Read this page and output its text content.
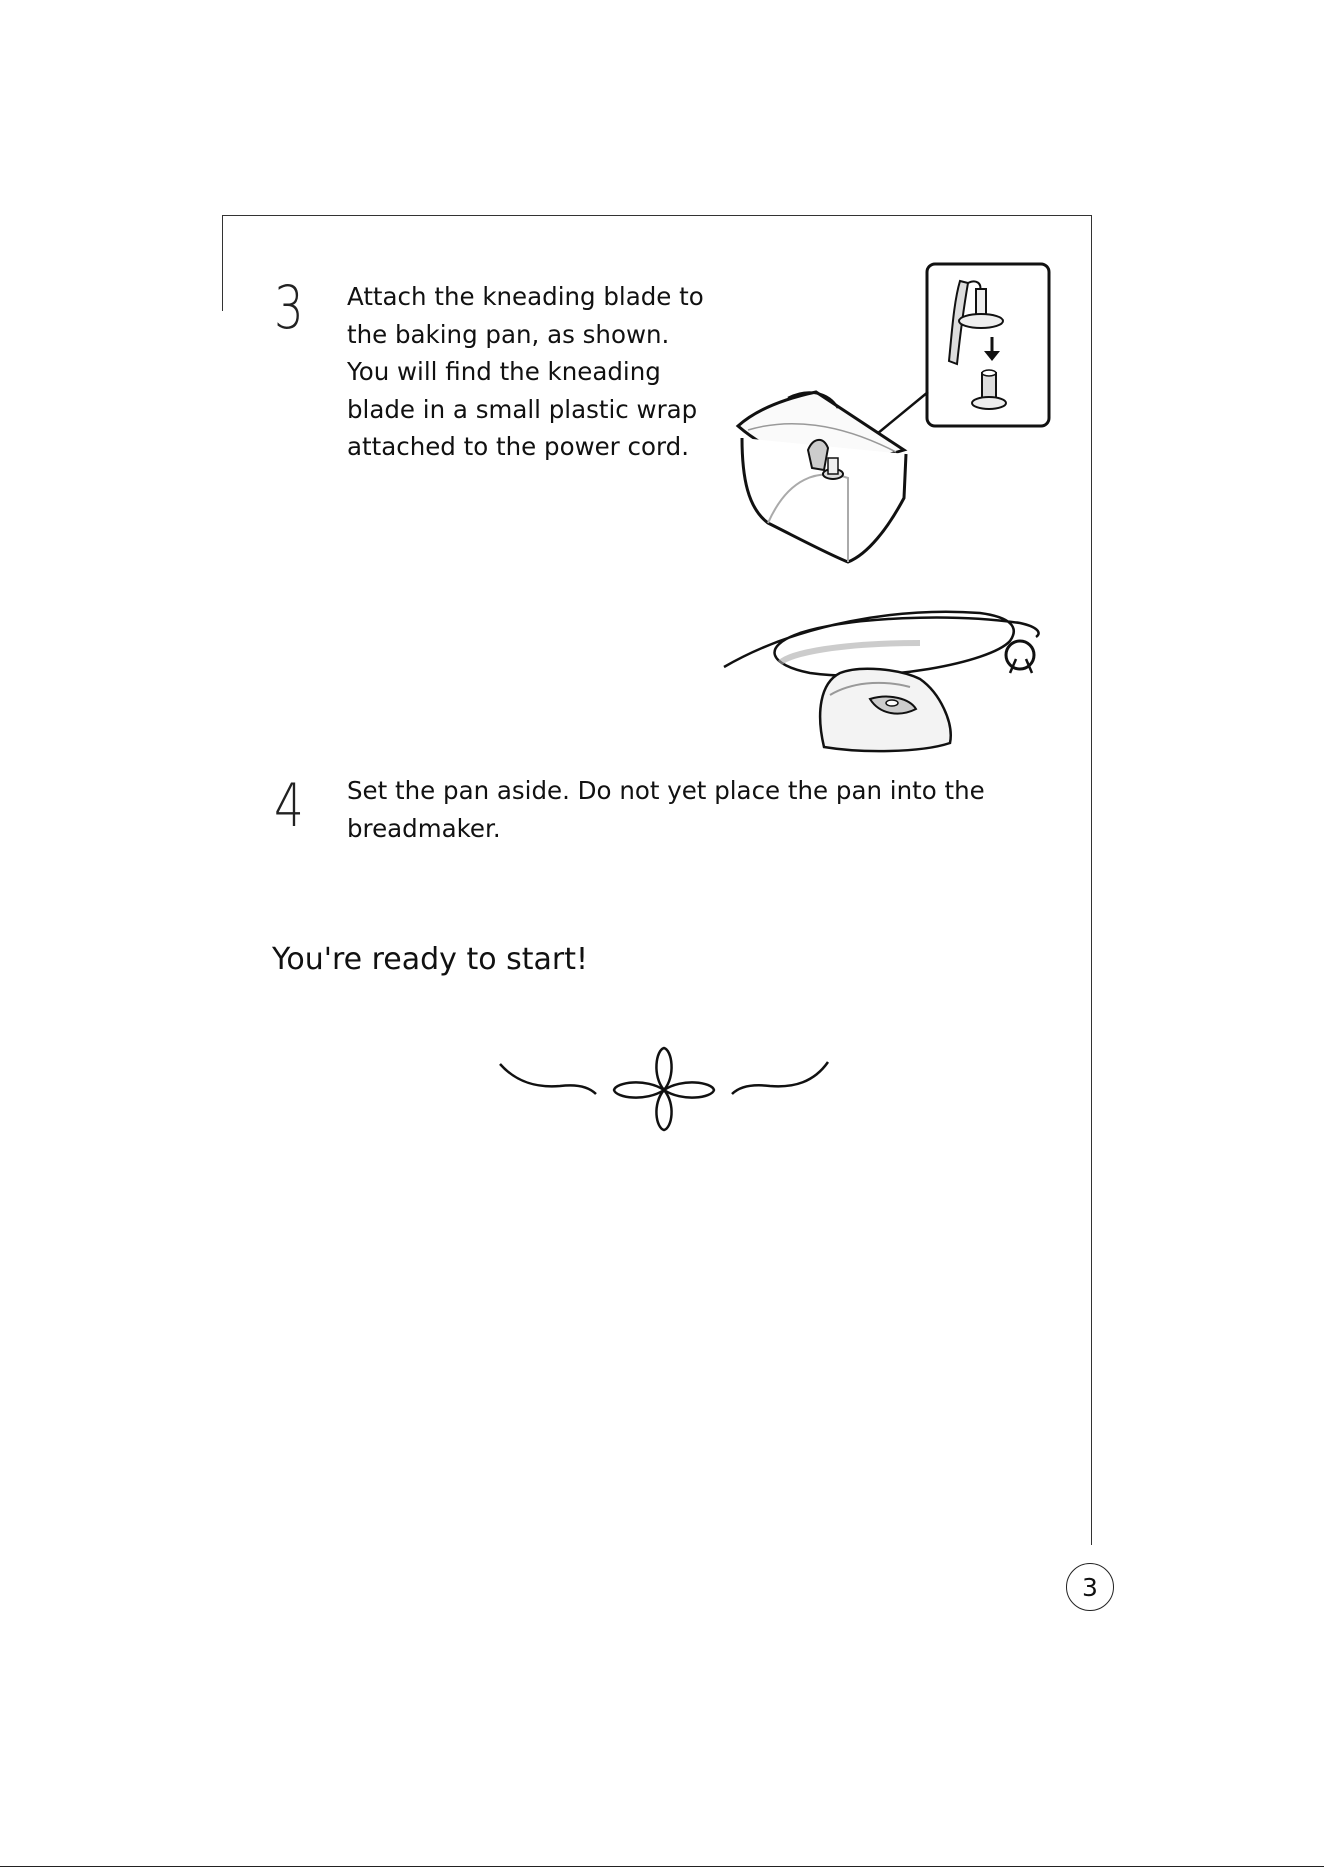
3 Attach the kneading blade to
the baking pan, as shown.
You will find the kneading
blade in a small plastic wrap
attached to the power cord.
4 Set the pan aside. Do not yet place the pan into the
breadmaker.
You're ready to start!
3
